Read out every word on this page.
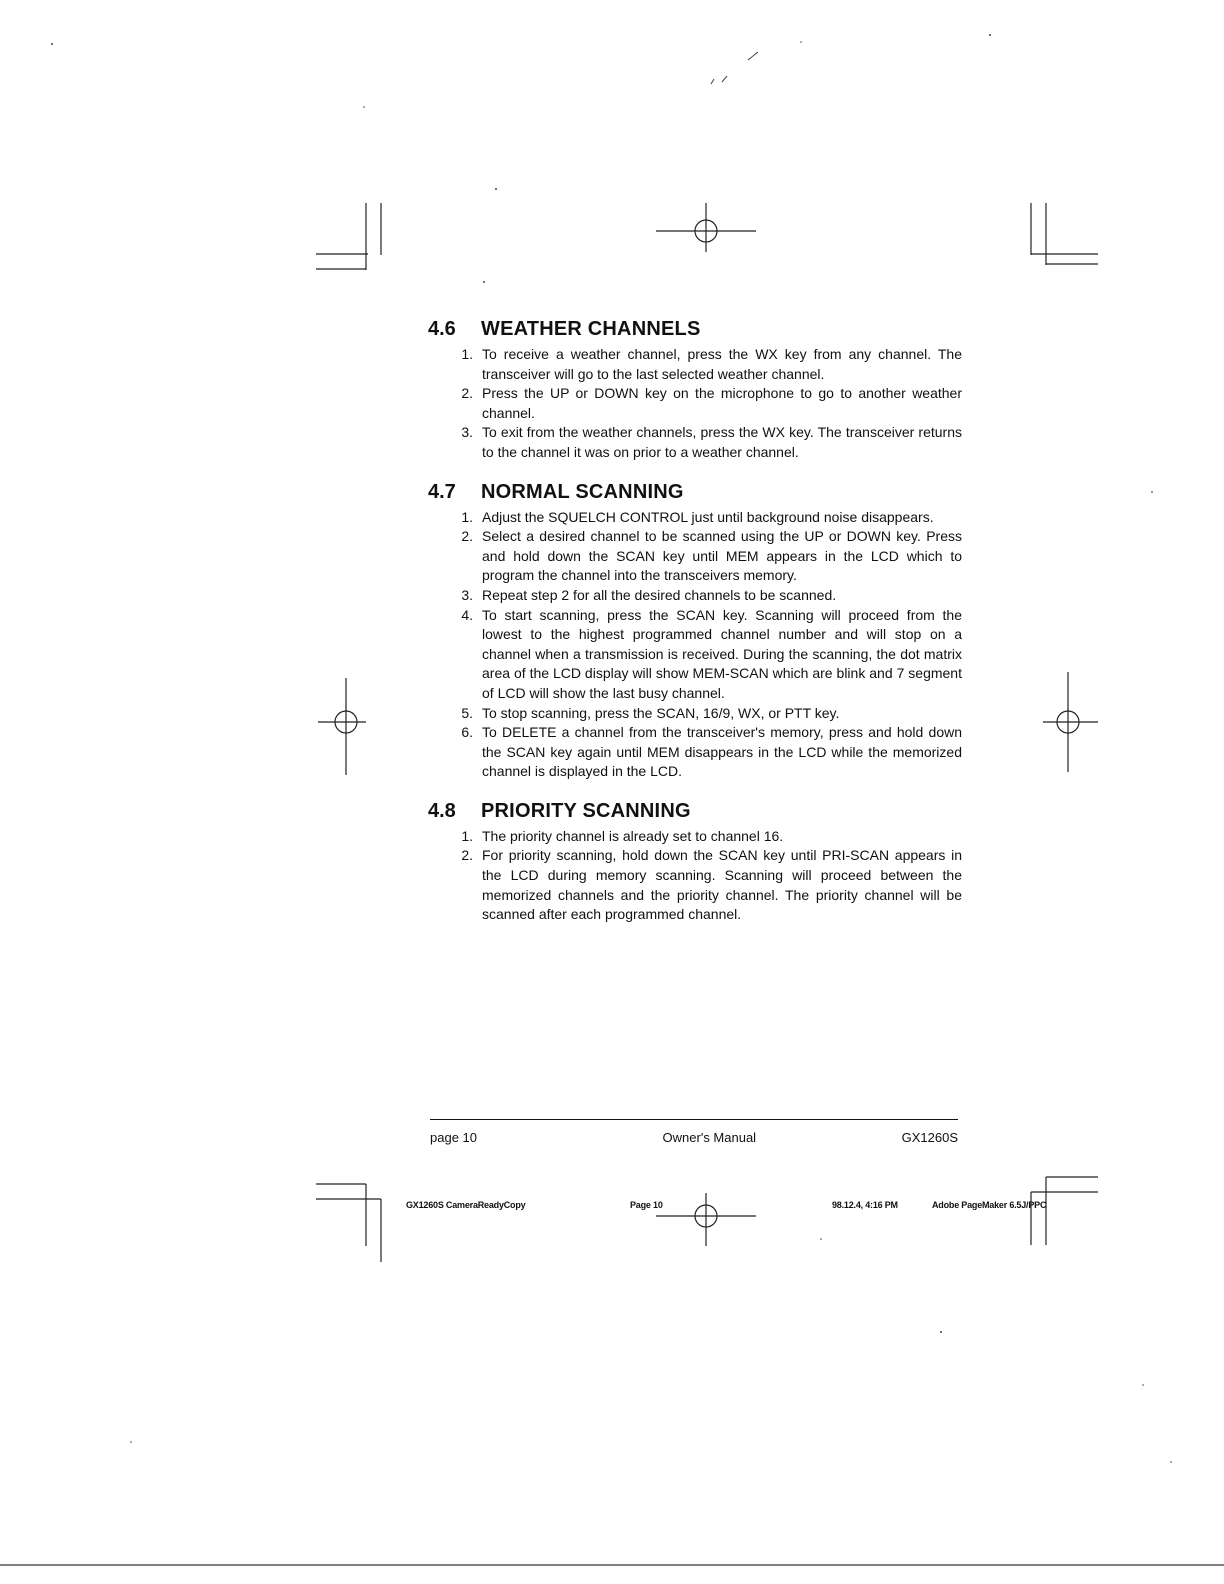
4.6	WEATHER CHANNELS
1. To receive a weather channel, press the WX key from any channel. The transceiver will go to the last selected weather channel.
2. Press the UP or DOWN key on the microphone to go to another weather channel.
3. To exit from the weather channels, press the WX key. The transceiver returns to the channel it was on prior to a weather channel.
4.7	NORMAL SCANNING
1. Adjust the SQUELCH CONTROL just until background noise disappears.
2. Select a desired channel to be scanned using the UP or DOWN key. Press and hold down the SCAN key until MEM appears in the LCD which to program the channel into the transceivers memory.
3. Repeat step 2 for all the desired channels to be scanned.
4. To start scanning, press the SCAN key. Scanning will proceed from the lowest to the highest programmed channel number and will stop on a channel when a transmission is received. During the scanning, the dot matrix area of the LCD display will show MEM-SCAN which are blink and 7 segment of LCD will show the last busy channel.
5. To stop scanning, press the SCAN, 16/9, WX, or PTT key.
6. To DELETE a channel from the transceiver's memory, press and hold down the SCAN key again until MEM disappears in the LCD while the memorized channel is displayed in the LCD.
4.8	PRIORITY SCANNING
1. The priority channel is already set to channel 16.
2. For priority scanning, hold down the SCAN key until PRI-SCAN appears in the LCD during memory scanning. Scanning will proceed between the memorized channels and the priority channel. The priority channel will be scanned after each programmed channel.
page 10	Owner's Manual	GX1260S
GX1260S CameraReadyCopy	Page 10	98.12.4, 4:16 PM	Adobe PageMaker 6.5J/PPC
